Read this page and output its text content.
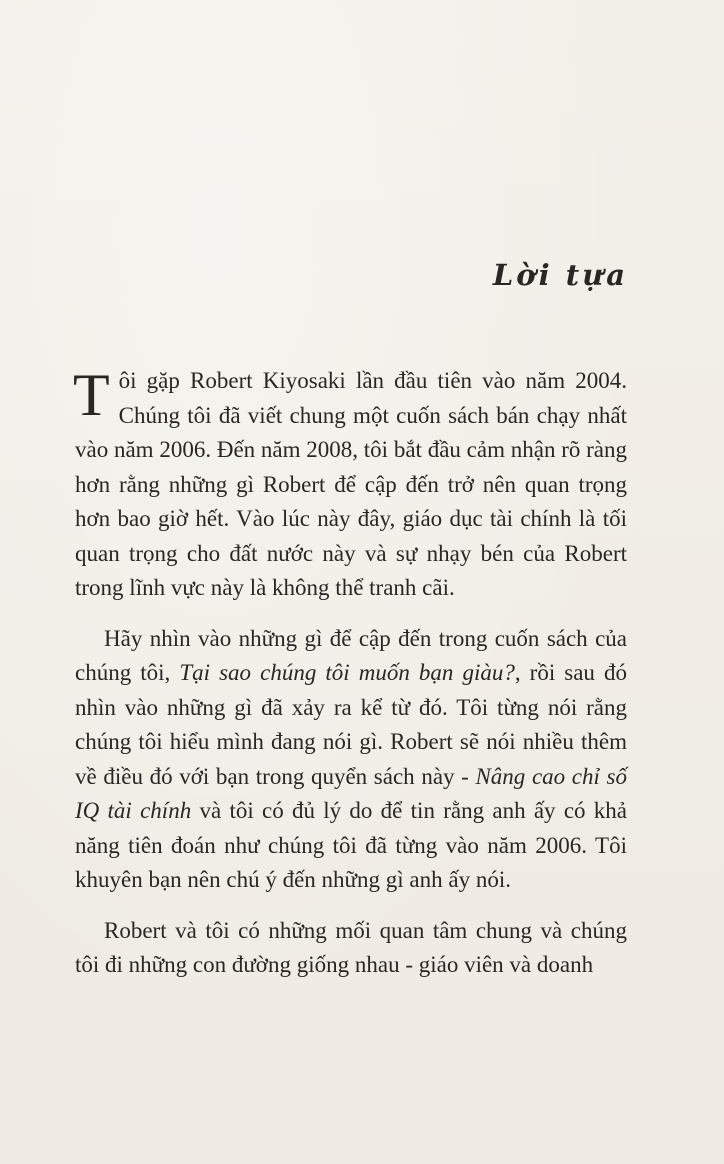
Lời tựa

Tôi gặp Robert Kiyosaki lần đầu tiên vào năm 2004. Chúng tôi đã viết chung một cuốn sách bán chạy nhất vào năm 2006. Đến năm 2008, tôi bắt đầu cảm nhận rõ ràng hơn rằng những gì Robert để cập đến trở nên quan trọng hơn bao giờ hết. Vào lúc này đây, giáo dục tài chính là tối quan trọng cho đất nước này và sự nhạy bén của Robert trong lĩnh vực này là không thể tranh cãi.

Hãy nhìn vào những gì để cập đến trong cuốn sách của chúng tôi, Tại sao chúng tôi muốn bạn giàu?, rồi sau đó nhìn vào những gì đã xảy ra kể từ đó. Tôi từng nói rằng chúng tôi hiểu mình đang nói gì. Robert sẽ nói nhiều thêm về điều đó với bạn trong quyển sách này - Nâng cao chỉ số IQ tài chính và tôi có đủ lý do để tin rằng anh ấy có khả năng tiên đoán như chúng tôi đã từng vào năm 2006. Tôi khuyên bạn nên chú ý đến những gì anh ấy nói.

Robert và tôi có những mối quan tâm chung và chúng tôi đi những con đường giống nhau - giáo viên và doanh
